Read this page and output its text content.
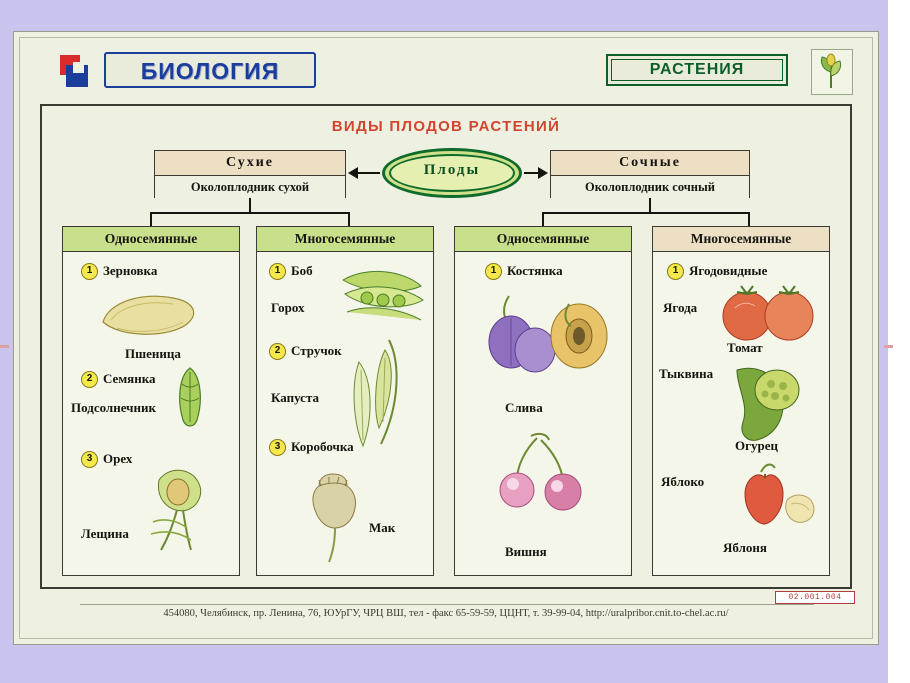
БИОЛОГИЯ	РАСТЕНИЯ
ВИДЫ ПЛОДОВ РАСТЕНИЙ
Сухие
Околоплодник сухой
Плоды	Сочные
Околоплодник сочный
Односемянные
1 Зерновка
Пшеница
2 Семянка
Подсолнечник
3 Орех
Лещина
Многосемянные
1 Боб
Горох
2 Стручок
Капуста
3 Коробочка
Мак
Односемянные
1 Костянка
Слива
Вишня
Многосемянные
1 Ягодовидные
Ягода
Томат
Тыквина
Огурец
Яблоко
Яблоня
02.001.004
454080, Челябинск, пр. Ленина, 76, ЮУрГУ, ЧРЦ ВШ, тел - факс 65-59-59, ЦЦНТ, т. 39-99-04, http://uralpribor.cnit.to-chel.ac.ru/
